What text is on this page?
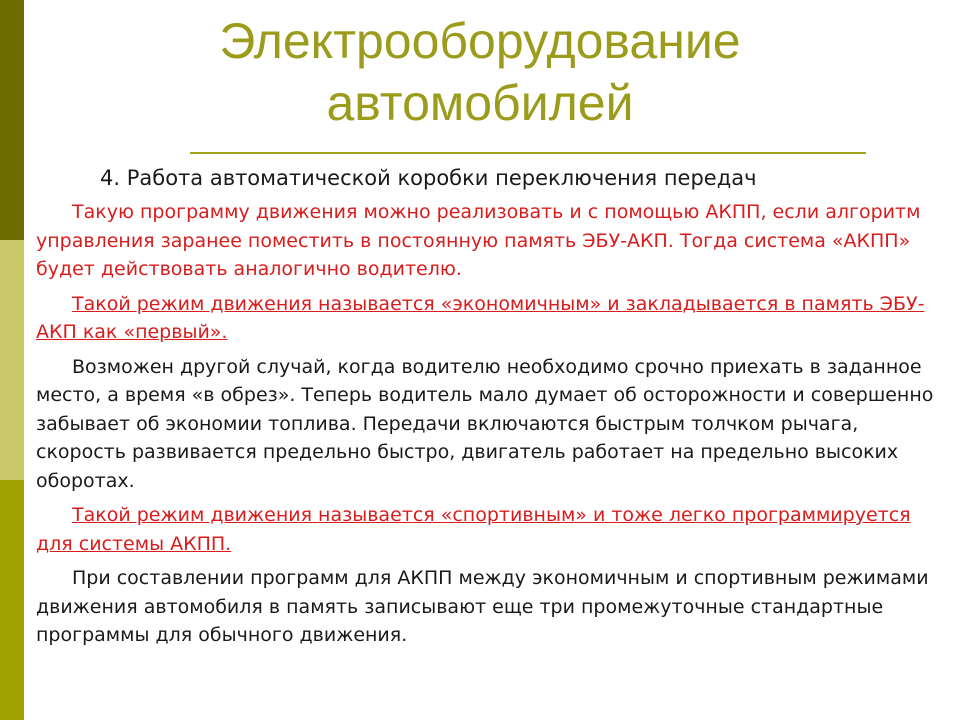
Электрооборудование
автомобилей
4. Работа автоматической коробки переключения передач

Такую программу движения можно реализовать и с помощью АКПП, если алгоритм управления заранее поместить в постоянную память ЭБУ-АКП. Тогда система «АКПП» будет действовать аналогично водителю.

Такой режим движения называется «экономичным» и закладывается в память ЭБУ-АКП как «первый».

Возможен другой случай, когда водителю необходимо срочно приехать в заданное место, а время «в обрез». Теперь водитель мало думает об осторожности и совершенно забывает об экономии топлива. Передачи включаются быстрым толчком рычага, скорость развивается предельно быстро, двигатель работает на предельно высоких оборотах.

Такой режим движения называется «спортивным» и тоже легко программируется для системы АКПП.

При составлении программ для АКПП между экономичным и спортивным режимами движения автомобиля в память записывают еще три промежуточные стандартные программы для обычного движения.
